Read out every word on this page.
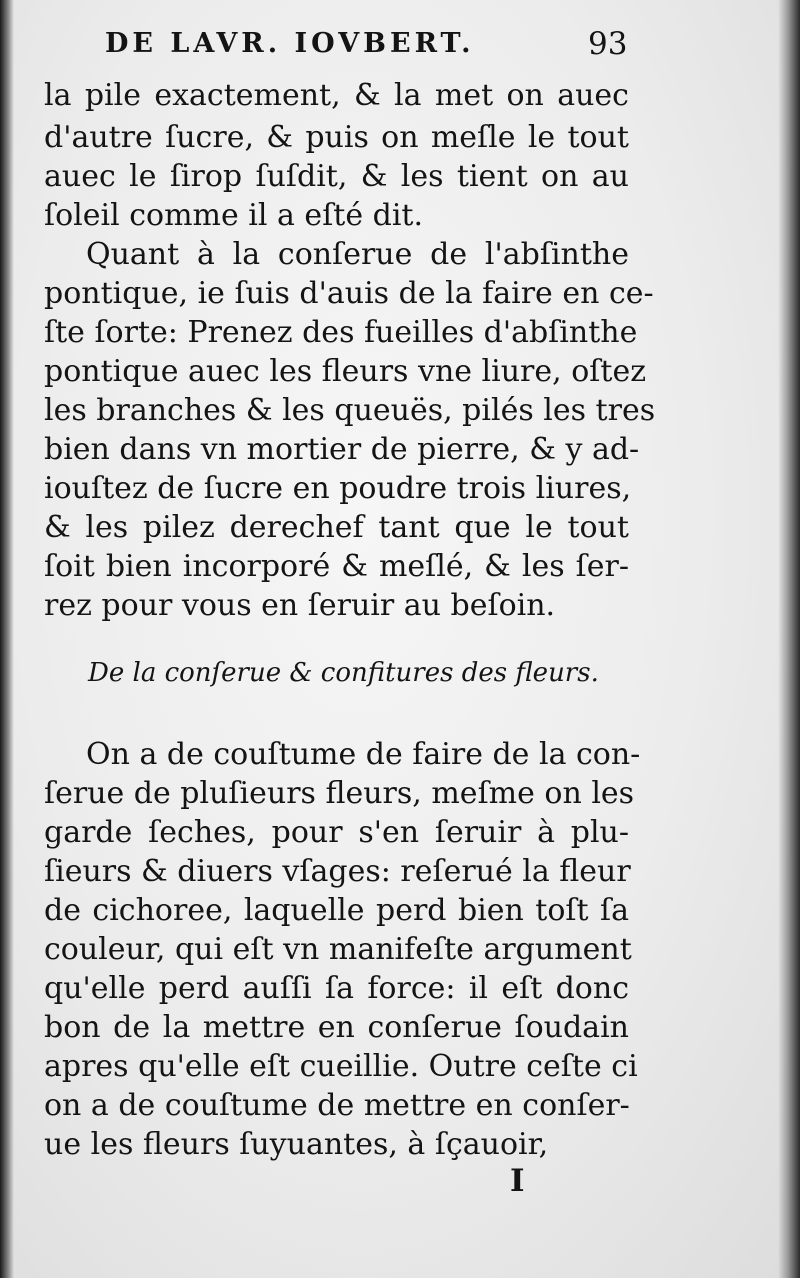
DE LAVR. IOVBERT.	93
la pile exactement, & la met on auec
d'autre ſucre, & puis on meſle le tout
auec le ſirop ſuſdit, & les tient on au
ſoleil comme il a eſté dit.
Quant à la conſerue de l'abſinthe
pontique, ie ſuis d'auis de la faire en ce-
ſte ſorte: Prenez des fueilles d'abſinthe
pontique auec les fleurs vne liure, oſtez
les branches & les queuës, pilés les tres
bien dans vn mortier de pierre, & y ad-
iouſtez de ſucre en poudre trois liures,
& les pilez derechef tant que le tout
ſoit bien incorporé & meſlé, & les ſer-
rez pour vous en ſeruir au beſoin.
De la conſerue & confitures des fleurs.
On a de couſtume de faire de la con-
ſerue de pluſieurs fleurs, meſme on les
garde ſeches, pour s'en ſeruir à plu-
ſieurs & diuers vſages: reſerué la fleur
de cichoree, laquelle perd bien toſt ſa
couleur, qui eſt vn manifeſte argument
qu'elle perd auſſi ſa force: il eſt donc
bon de la mettre en conſerue ſoudain
apres qu'elle eſt cueillie. Outre ceſte ci
on a de couſtume de mettre en conſer-
ue les fleurs ſuyuantes, à ſçauoir,
I
